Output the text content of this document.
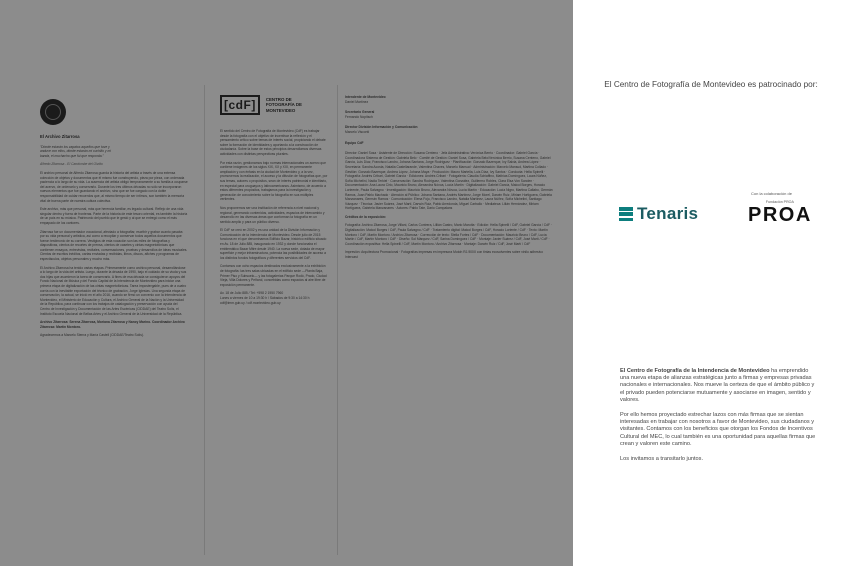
El Archivo Zitarrosa

"Dónde estarán los zapatos aquellos que tuve y anduve con ellos, dónde estarán mi cuchillo y mi banda, el muchacho que fui que responda."

Alfredo Zitarrosa - El Candombe del Olvido

El archivo personal de Alfredo Zitarrosa guarda la historia del artista a través de una extensa colección de objetos y documentos que él mismo fue construyendo, pieza por pieza, con ordenada paciencia a lo largo de su vida. La ausencia del artista obligó tempranamente a su familia a ocuparse del acervo, de ordenarlo y conservarlo. Durante los tres últimos décadas no sólo se incorporaron nuevos elementos que fue guardando el archivo, sino que se fue cargado con la doble responsabilidad de cuidar recuerdos que, al mismo tiempo de ser íntimos, son también la memoria vital de buena parte de nuestra cultura colectiva.

Este archivo, más que personal, más que herencia familiar, es legado cultural. Reflejo de una vida singular dentro y fuera de fronteras. Parte de la historia de este tesoro oriental, es también la historia de un país en su música. Patrimonio del pueblo que le gestó y al que se entregó como el más empapado de los cantores.

Zitarrosa fue un documentador vocacional, afectado a fotografiar, escribir y grabar cuanto pasaba por su vida personal y artística, así como a recopilar y conservar todos aquellos documentos que fueron testimonio de su carrera. Vestigios de esta vocación son las miles de fotografías y diapositivas, cientos de recortes de prensa, cientos de casetes y cintas magnetofónicas que contienen ensayos, entrevistas, recitales, conversaciones, pruebas y desarrollos de ideas musicales. Cientos de escritos inéditos, cartas enviadas y recibidas, libros, discos, afiches y programas de espectáculos, objetos personales y mucho más.

El Archivo Zitarrosa ha tenido varias etapas. Primeramente como archivo personal, desarrollándose a lo largo de la vida del artista. Luego, durante la década de 1990, bajo el cuidado de su viuda y sus dos hijas que asumieron la tarea de conservarlo. A fines de esa década se consiguieron apoyos del Fondo Nacional de Música y del Fondo Capital de la Intendencia de Montevideo para iniciar una primera etapa de digitalización de las cintas magnetofónicas. Tarea impostergable, pues de a cuatro corría con la inevitable exportación del técnico de grabación, Jorge Iglesias. Una segunda etapa de conservación, la actual, se inició en el año 2016, cuando se firmó un convenio con la Intendencia de Montevideo, el Ministerio de Educación y Cultura, el Archivo General de la Nación y la Universidad de la República, para continuar con los trabajos de catalogación y preservación con ayuda del Centro de Investigación y Documentación de las Artes Escénicas (CIDDAE) del Teatro Solís, el Instituto Escuela Nacional de Bellas Artes y el Archivo General de la Universidad de la República.

Archivo Zitarrosa: Serena Zitarrosa, Moriana Zitarrosa y Nancy Marino. Coordinador Archivo Zitarrosa: Martín Montoro.

Agradecemos a Marcelo Sienra y María Castell (CIDDAE/Teatro Solís).

[cdF]	CENTRO DE FOTOGRAFÍA DE MONTEVIDEO

El sentido del Centro de Fotografía de Montevideo (CdF) es trabajar desde la fotografía con el objetivo de incentivar la reflexión y el pensamiento crítico sobre temas de interés social, propiciando el debate sobre la formación de identidades y aportando a la construcción de ciudadanía. Sobre la base de estos principios desarrollamos diversas actividades con distintas perspectivas plurales.

Por esta razón, gestionamos bajo normas internacionales un acervo que contiene imágenes de los siglos XIX, XX y XXI, en permanente ampliación y con énfasis en la ciudad de Montevideo y, a la vez, promovemos la realización, el acceso y la difusión de fotografías que, por sus temas, autores o propósitos, sean de interés patrimonial e identitario, en especial para uruguayos y latinoamericanos. Asimismo, de acuerdo a estos diferentes propósitos, trabajamos para la investigación y generación de conocimiento sobre la fotografía en sus múltiples vertientes.

Nos proponemos ser una institución de referencia a nivel nacional y regional, generando contenidos, actividades, espacios de intercambio y desarrollo en las diversas áreas que conforman la fotografía en un sentido amplio y para un público diverso.

El CdF se creó en 2002 y es una unidad de la División Información y Comunicación de la Intendencia de Montevideo. Desde julio de 2015 funciona en el que denominamos Edificio Bazar, histórico edificio situado en Av. 18 de Julio 885, inaugurado en 1932 y donde funcionaba el emblemático Bazar Mitre desde 1940. La nueva sede, dotada de mayor superficie y mejor infraestructura, potencia las posibilidades de acceso a los distintos fondos fotográficos y diferentes servicios del CdF.

Contamos con ocho espacios destinados exclusivamente a la exhibición de fotografía: las tres salas ubicadas en el edificio sede —Planta Baja, Primer Piso y Subsuelo— y las fotogalerías Parque Rodó, Prado, Ciudad Vieja, Villa Dolores y Peñarol, concebidas como espacios al aire libre de exposición permanente.

Av. 18 de Julio 885 / Tel: +598 2 1950 7960

Lunes a viernes de 10 a 19:30 h / Sábados de 9:30 a 14:30 h

cdf@imm.gub.uy / cdf.montevideo.gub.uy

Intendente de Montevideo
Daniel Martínez
Secretario General
Fernando Nopitsch
Director División Información y Comunicación
Marcelo Visconti
Equipo CdF

Director: Daniel Sosa · Asistente de Dirección: Susana Centeno · Jefa Administrativa: Verónica Berrio · Coordinador: Gabriel García · Coordinadora Sistema de Gestión: Gabriela Belo · Comité de Gestión: Daniel Sosa, Gabriela Belo/Verónica Berrio, Susana Centeno, Gabriel García, Luis Díaz, Francisco Landro, Johana Santana, Jorge Rodríguez · Planificación: Gonzalo Bazerque, Ivy Salvia, Andrea López · Secretaría: Sandra Acosta, Natalia Castellarande, Valentina Chaves, Marcelo Mansud · Administración: Marcelo Mansud, Martina Collado · Gestión: Gonzalo Bazerque, Andrea López, Johana Maya · Producción: Mauro Martella, Luis Díaz, Ivy Santos · Conducta: Hella Spinelli · Fotografía: Andrés Cribari, Gabriel García · Ediciones: Andrés Cribari · Fotogalería: Claudia Schiaffino, Mathías Domínguez, Laura Núñez, Sofía Michelini, Nadia Terkiel · Conservación: Sandra Rodríguez, Valentina González, Guillermo Robles, Clara Elsa Von Sanden · Documentación: Ana Laura Cirio, Mauricio Bruno, Alexandra Nóvoa, Lucía Martín · Digitalización: Gabriel García, Maicol Borges, Horacio Lorieente, Paula Salvagno · Investigación: Mauricio Bruno, Alexandra Nóvoa, Lucía Martín · Educación: Lucía Nigro, Martina Callabo, Germán Ramos, Juan Pablo Machado · Atención al Público: Johana Santana, Andrés Martínez, Jorge Morel, Darwin Ruiz, Miriam Hortiguera, Gabriela Manzanares, Germán Ramos · Comunicación: Elena Fojo, Francisco Landro, Natalia Martínez, Laura Núñez, Sofía Michelini, Santiago Vázquez · Técnica: Javier Suárez, José Martí, Darwin Ruiz, Pablo Arredonda, Miguel Carballo · Mediateca: Lilián Hernández, Miriam Hortiguera, Gabriela Manzanares · Actores: Pablo Tate, Dario Campalans

Créditos de la exposición:

Fotografía: Archivo Zitarrosa, Jorge Villani, Carlos Contrera, Lillián Castro, Mario Marotta · Edición: Hella Spinelli / CdF, Gabriel García / CdF · Digitalización: Maicol Borges / CdF, Paula Salvagno / CdF · Tratamiento digital: Maicol Borges / CdF, Horacio Loriente / CdF · Texto: Martín Montoro / CdF, Martín Montoro / Archivo Zitarrosa · Corrección de texto: Stella Fortes / CdF · Documentación: Mauricio Bruno / CdF, Lucía Martín / CdF, Martín Montoro / CdF · Diseño: Sol Márquez / CdF, Sarina Dominguez / CdF · Montaje: Javier Suárez / CdF, José Martí / CdF · Coordinación expositiva: Hella Spinelli / CdF, Martín Montoro / Archivo Zitarrosa · Montaje: Darwin Ruiz / CdF, José Martí / CdF

Impresión: Arquitectura Promocional · Fotografías impresas en impresora Mutoh RJ-900X con tintas ecosolventes sobre vinilo adhesivo Intercast

El Centro de Fotografía de Montevideo es patrocinado por:
Con la colaboración de
Tenaris
Fundación PROA
PROA

El Centro de Fotografía de la Intendencia de Montevideo ha emprendido una nueva etapa de alianzas estratégicas junto a firmas y empresas privadas nacionales e internacionales. Nos mueve la certeza de que el ámbito público y el privado pueden potenciarse mutuamente y asociarse en imagen, sentido y valores.

Por ello hemos proyectado estrechar lazos con más firmas que se sientan interesadas en trabajar con nosotros a favor de Montevideo, sus ciudadanos y visitantes. Contamos con los beneficios que otorgan los Fondos de Incentivos Cultural del MEC, lo cual también es una oportunidad para aquellas firmas que crean y valoren este camino.

Los invitamos a transitarlo juntos.
